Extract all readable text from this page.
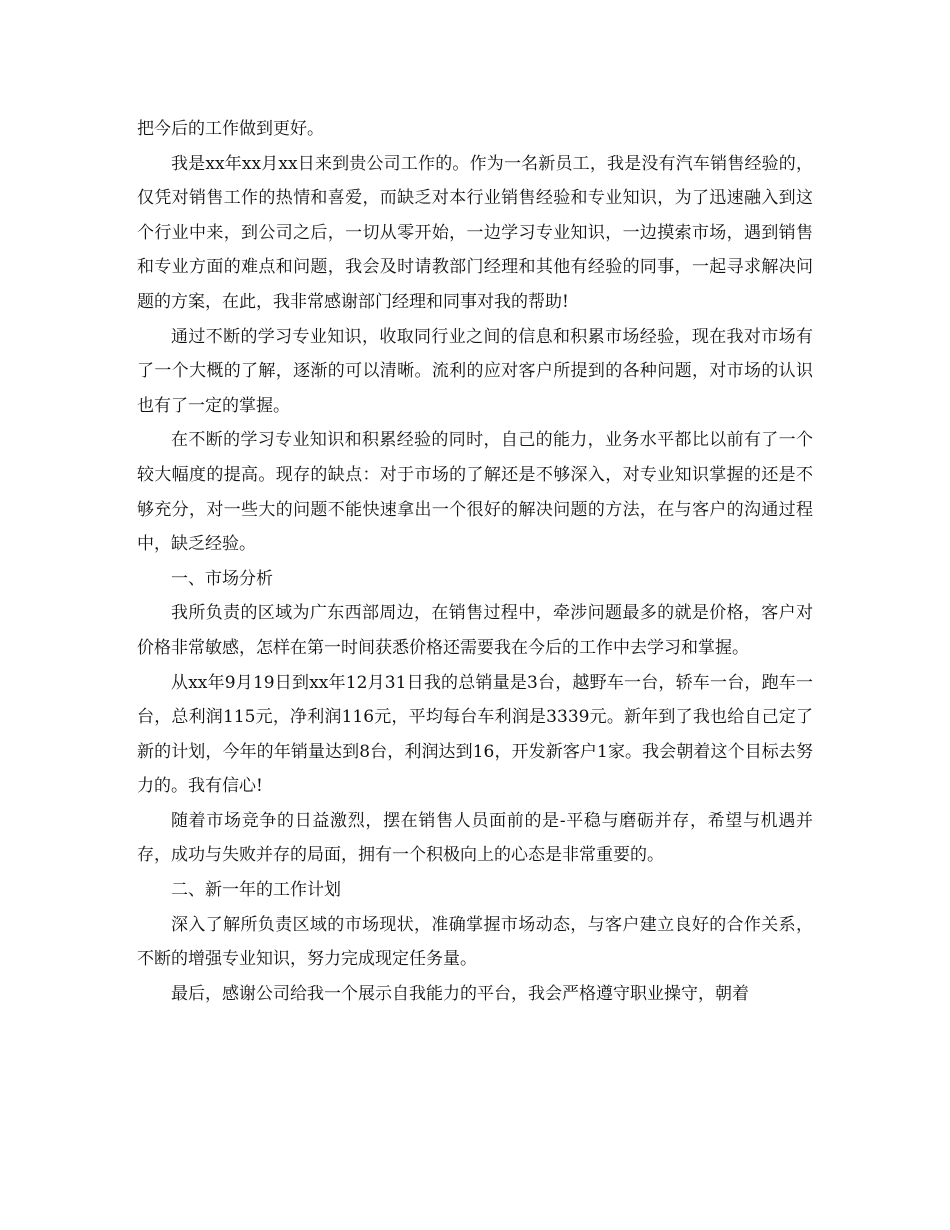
把今后的工作做到更好。

我是xx年xx月xx日来到贵公司工作的。作为一名新员工，我是没有汽车销售经验的，仅凭对销售工作的热情和喜爱，而缺乏对本行业销售经验和专业知识，为了迅速融入到这个行业中来，到公司之后，一切从零开始，一边学习专业知识，一边摸索市场，遇到销售和专业方面的难点和问题，我会及时请教部门经理和其他有经验的同事，一起寻求解决问题的方案，在此，我非常感谢部门经理和同事对我的帮助!

通过不断的学习专业知识，收取同行业之间的信息和积累市场经验，现在我对市场有了一个大概的了解，逐渐的可以清晰。流利的应对客户所提到的各种问题，对市场的认识也有了一定的掌握。

在不断的学习专业知识和积累经验的同时，自己的能力，业务水平都比以前有了一个较大幅度的提高。现存的缺点：对于市场的了解还是不够深入，对专业知识掌握的还是不够充分，对一些大的问题不能快速拿出一个很好的解决问题的方法，在与客户的沟通过程中，缺乏经验。

一、市场分析

我所负责的区域为广东西部周边，在销售过程中，牵涉问题最多的就是价格，客户对价格非常敏感，怎样在第一时间获悉价格还需要我在今后的工作中去学习和掌握。

从xx年9月19日到xx年12月31日我的总销量是3台，越野车一台，轿车一台，跑车一台，总利润115元，净利润116元，平均每台车利润是3339元。新年到了我也给自己定了新的计划，今年的年销量达到8台，利润达到16，开发新客户1家。我会朝着这个目标去努力的。我有信心!

随着市场竞争的日益激烈，摆在销售人员面前的是-平稳与磨砺并存，希望与机遇并存，成功与失败并存的局面，拥有一个积极向上的心态是非常重要的。

二、新一年的工作计划

深入了解所负责区域的市场现状，准确掌握市场动态，与客户建立良好的合作关系，不断的增强专业知识，努力完成现定任务量。

最后，感谢公司给我一个展示自我能力的平台，我会严格遵守职业操守，朝着
